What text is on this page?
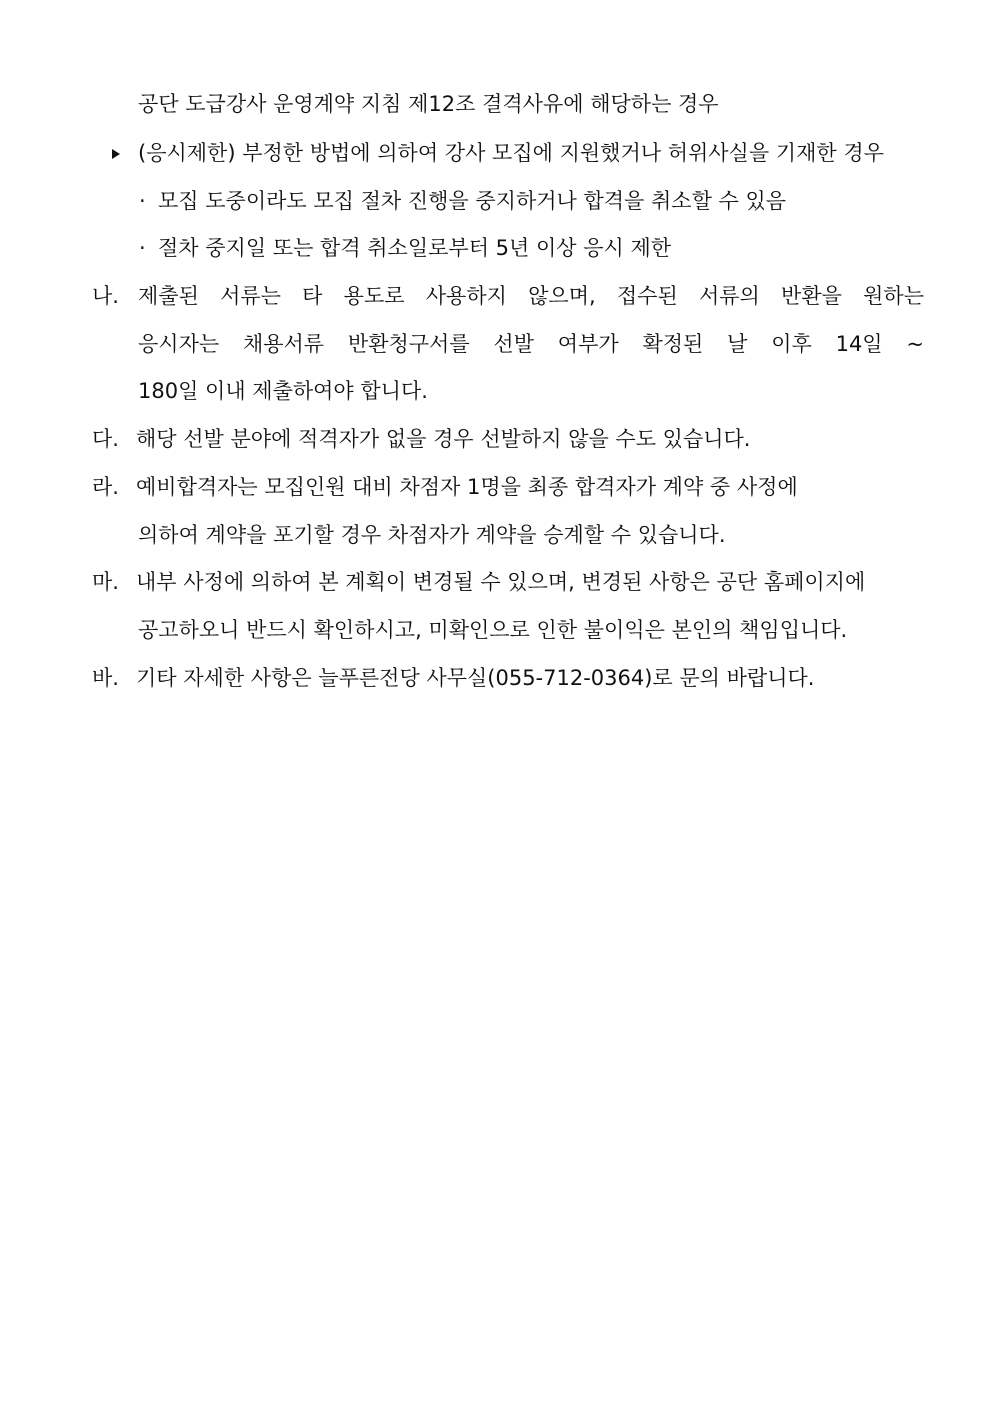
공단 도급강사 운영계약 지침 제12조 결격사유에 해당하는 경우
(응시제한) 부정한 방법에 의하여 강사 모집에 지원했거나 허위사실을 기재한 경우
· 모집 도중이라도 모집 절차 진행을 중지하거나 합격을 취소할 수 있음
· 절차 중지일 또는 합격 취소일로부터 5년 이상 응시 제한
나. 제출된 서류는 타 용도로 사용하지 않으며, 접수된 서류의 반환을 원하는
응시자는 채용서류 반환청구서를 선발 여부가 확정된 날 이후 14일 ~
180일 이내 제출하여야 합니다.
다. 해당 선발 분야에 적격자가 없을 경우 선발하지 않을 수도 있습니다.
라. 예비합격자는 모집인원 대비 차점자 1명을 최종 합격자가 계약 중 사정에
의하여 계약을 포기할 경우 차점자가 계약을 승계할 수 있습니다.
마. 내부 사정에 의하여 본 계획이 변경될 수 있으며, 변경된 사항은 공단 홈페이지에
공고하오니 반드시 확인하시고, 미확인으로 인한 불이익은 본인의 책임입니다.
바. 기타 자세한 사항은 늘푸른전당 사무실(055-712-0364)로 문의 바랍니다.
